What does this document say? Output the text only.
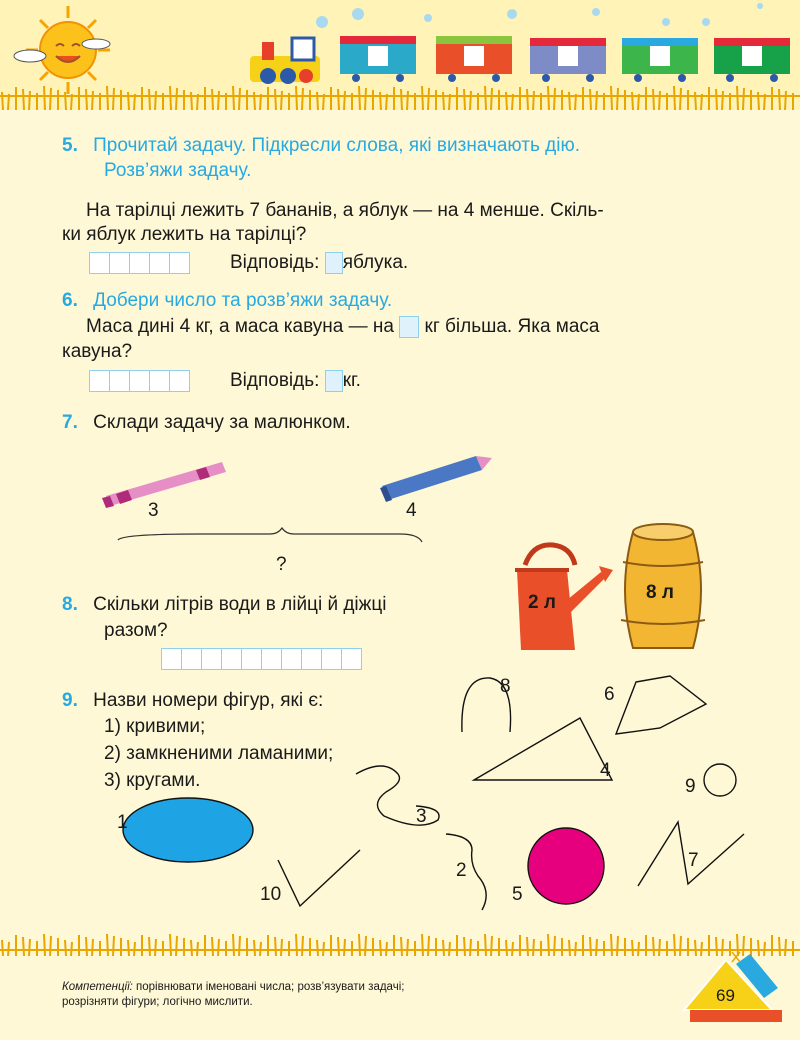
5. Прочитай задачу. Підкресли слова, які визначають дію.
Розв’яжи задачу.
На тарілці лежить 7 бананів, а яблук — на 4 менше. Скіль-
ки яблук лежить на тарілці?
Відповідь: яблука.
6. Добери число та розв’яжи задачу.
Маса дині 4 кг, а маса кавуна — на кг більша. Яка маса
кавуна?
Відповідь: кг.
7. Склади задачу за малюнком.
3	4
?
2 л	8 л
8. Скільки літрів води в лійці й діжці
разом?
9. Назви номери фігур, які є:
1) кривими;
2) замкненими ламаними;
3) кругами.
8	6
4
9
3
1
2	7
10	5
Компетенції: порівнювати іменовані числа; розв’язувати задачі;
розрізняти фігури; логічно мислити.	69
